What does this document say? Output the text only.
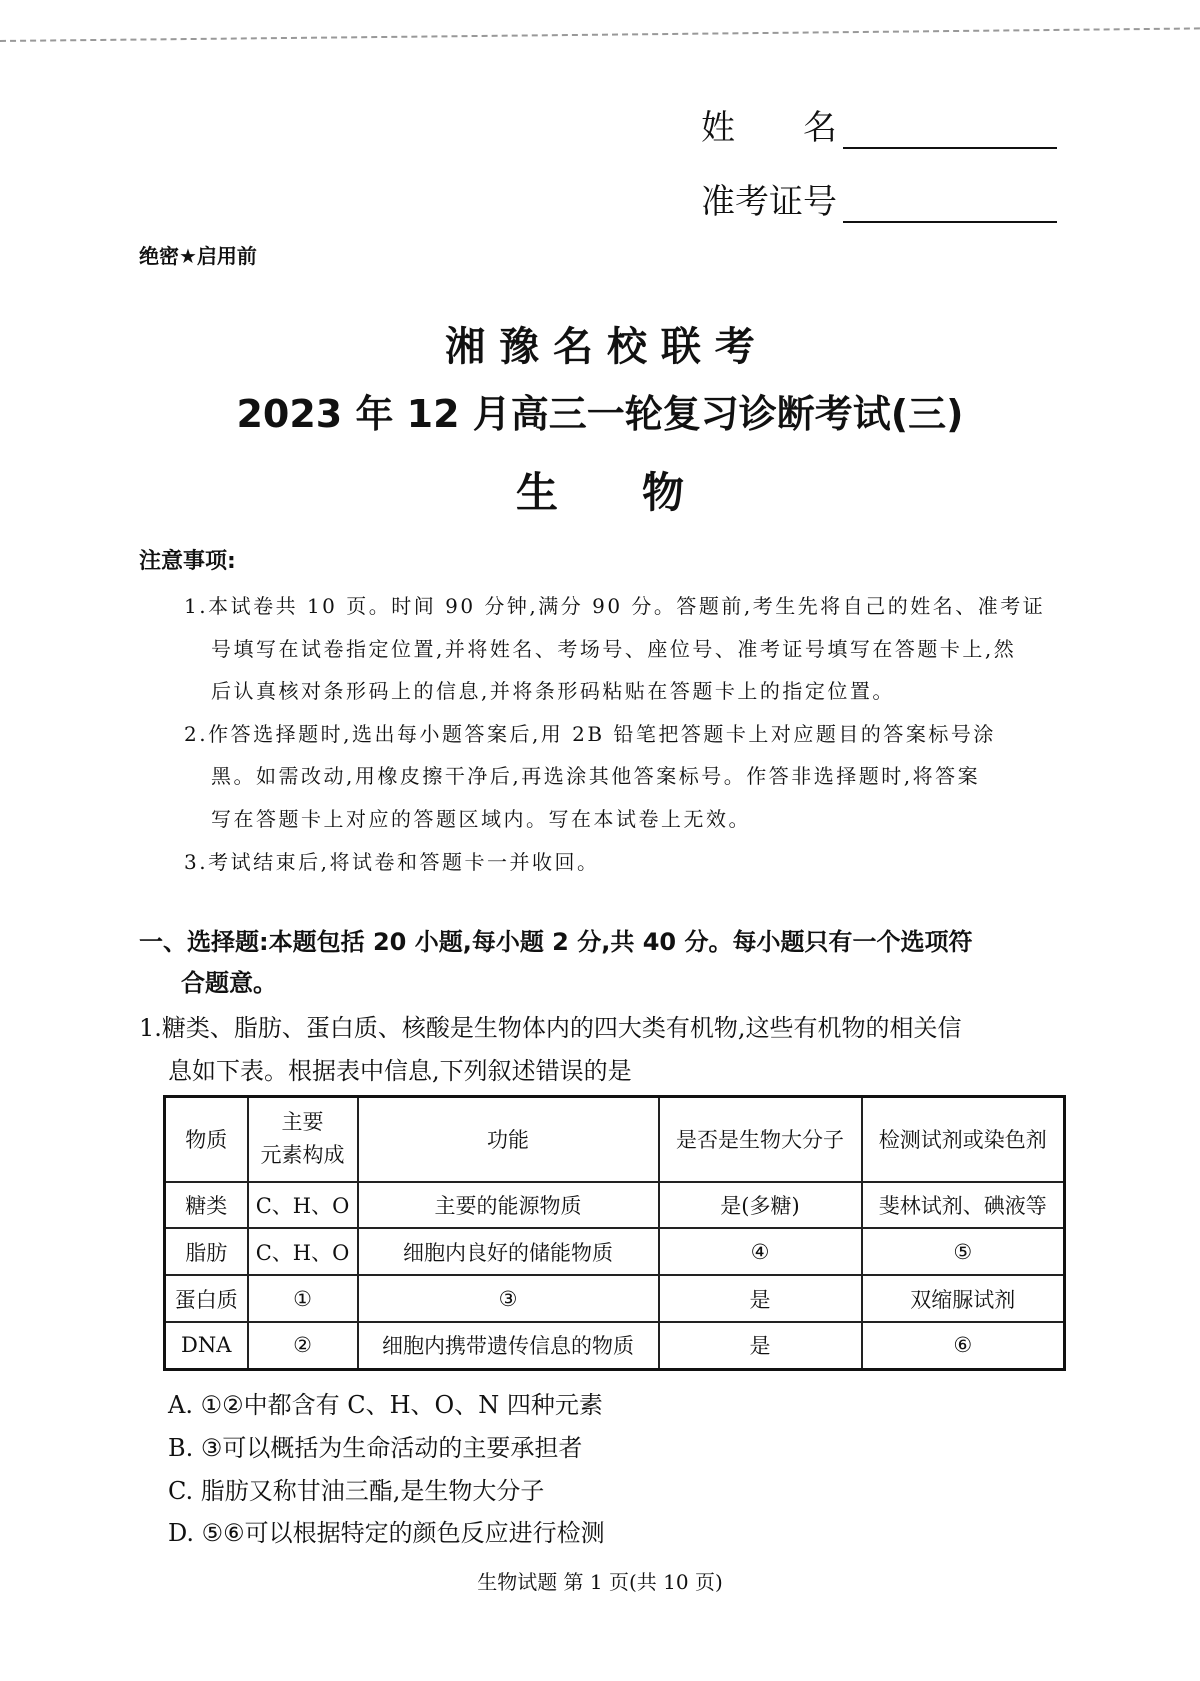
姓　　名
准考证号
绝密★启用前
湘 豫 名 校 联 考
2023 年 12 月高三一轮复习诊断考试(三)
生　　物
注意事项:
1.本试卷共 10 页。时间 90 分钟,满分 90 分。答题前,考生先将自己的姓名、准考证
号填写在试卷指定位置,并将姓名、考场号、座位号、准考证号填写在答题卡上,然
后认真核对条形码上的信息,并将条形码粘贴在答题卡上的指定位置。
2.作答选择题时,选出每小题答案后,用 2B 铅笔把答题卡上对应题目的答案标号涂
黑。如需改动,用橡皮擦干净后,再选涂其他答案标号。作答非选择题时,将答案
写在答题卡上对应的答题区域内。写在本试卷上无效。
3.考试结束后,将试卷和答题卡一并收回。
一、选择题:本题包括 20 小题,每小题 2 分,共 40 分。每小题只有一个选项符
合题意。
1.糖类、脂肪、蛋白质、核酸是生物体内的四大类有机物,这些有机物的相关信
息如下表。根据表中信息,下列叙述错误的是
物质	主要
元素构成	功能	是否是生物大分子	检测试剂或染色剂
糖类	C、H、O	主要的能源物质	是(多糖)	斐林试剂、碘液等
脂肪	C、H、O	细胞内良好的储能物质	④	⑤
蛋白质	①	③	是	双缩脲试剂
DNA	②	细胞内携带遗传信息的物质	是	⑥
A. ①②中都含有 C、H、O、N 四种元素
B. ③可以概括为生命活动的主要承担者
C. 脂肪又称甘油三酯,是生物大分子
D. ⑤⑥可以根据特定的颜色反应进行检测
生物试题 第 1 页(共 10 页)
